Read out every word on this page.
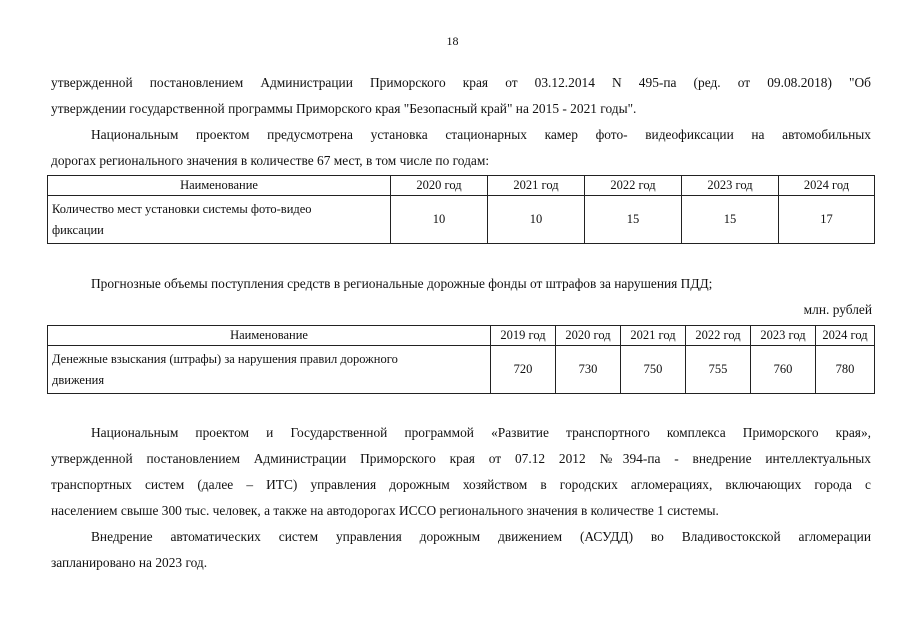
18
утвержденной постановлением Администрации Приморского края от 03.12.2014 N 495-па (ред. от 09.08.2018) "Об
утверждении государственной программы Приморского края "Безопасный край" на 2015 - 2021 годы".
Национальным проектом предусмотрена установка стационарных камер фото- видеофиксации на автомобильных
дорогах регионального значения в количестве 67 мест, в том числе по годам:
Наименование	2020 год	2021 год	2022 год	2023 год	2024 год

Количество мест установки системы фото-видео
фиксации	10	10	15	15	17
Прогнозные объемы поступления средств в региональные дорожные фонды от штрафов за нарушения ПДД;
млн. рублей
Наименование	2019 год	2020 год	2021 год	2022 год	2023 год	2024 год

Денежные взыскания (штрафы) за нарушения правил дорожного
движения	720	730	750	755	760	780
Национальным проектом и Государственной программой «Развитие транспортного комплекса Приморского края»,
утвержденной постановлением Администрации Приморского края от 07.12 2012 №394-па - внедрение интеллектуальных
транспортных систем (далее – ИТС) управления дорожным хозяйством в городских агломерациях, включающих города с
населением свыше 300 тыс. человек, а также на автодорогах ИССО регионального значения в количестве 1 системы.
Внедрение автоматических систем управления дорожным движением (АСУДД) во Владивостокской агломерации
запланировано на 2023 год.
